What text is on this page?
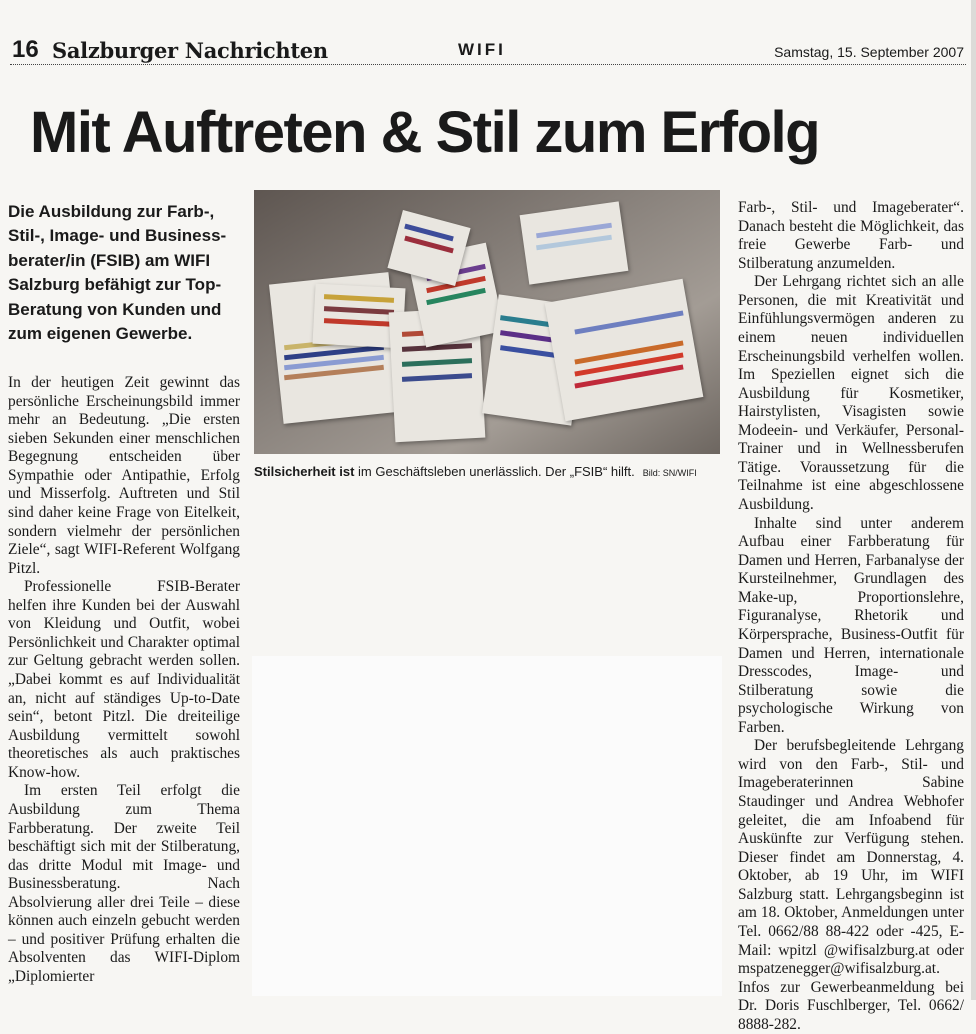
16 Salzburger Nachrichten	WIFI	Samstag, 15. September 2007
Mit Auftreten & Stil zum Erfolg
Die Ausbildung zur Farb-, Stil-, Image- und Businessberater/in (FSIB) am WIFI Salzburg befähigt zur Top-Beratung von Kunden und zum eigenen Gewerbe.

In der heutigen Zeit gewinnt das persönliche Erscheinungsbild immer mehr an Bedeutung. „Die ersten sieben Sekunden einer menschlichen Begegnung entscheiden über Sympathie oder Antipathie, Erfolg und Misserfolg. Auftreten und Stil sind daher keine Frage von Eitelkeit, sondern vielmehr der persönlichen Ziele“, sagt WIFI-Referent Wolfgang Pitzl.

Professionelle FSIB-Berater helfen ihre Kunden bei der Auswahl von Kleidung und Outfit, wobei Persönlichkeit und Charakter optimal zur Geltung gebracht werden sollen. „Dabei kommt es auf Individualität an, nicht auf ständiges Up-to-Date sein“, betont Pitzl. Die dreiteilige Ausbildung vermittelt sowohl theoretisches als auch praktisches Know-how.

Im ersten Teil erfolgt die Ausbildung zum Thema Farbberatung. Der zweite Teil beschäftigt sich mit der Stilberatung, das dritte Modul mit Image- und Businessberatung. Nach Absolvierung aller drei Teile – diese können auch einzeln gebucht werden – und positiver Prüfung erhalten die Absolventen das WIFI-Diplom „Diplomierter

Stilsicherheit ist im Geschäftsleben unerlässlich. Der „FSIB“ hilft. Bild: SN/WIFI

Farb-, Stil- und Imageberater“. Danach besteht die Möglichkeit, das freie Gewerbe Farb- und Stilberatung anzumelden.

Der Lehrgang richtet sich an alle Personen, die mit Kreativität und Einfühlungsvermögen anderen zu einem neuen individuellen Erscheinungsbild verhelfen wollen. Im Speziellen eignet sich die Ausbildung für Kosmetiker, Hairstylisten, Visagisten sowie Modeein- und Verkäufer, Personal-Trainer und in Wellnessberufen Tätige. Voraussetzung für die Teilnahme ist eine abgeschlossene Ausbildung.

Inhalte sind unter anderem Aufbau einer Farbberatung für Damen und Herren, Farbanalyse der Kursteilnehmer, Grundlagen des Make-up, Proportionslehre, Figuranalyse, Rhetorik und Körpersprache, Business-Outfit für Damen und Herren, internationale Dresscodes, Image- und Stilberatung sowie die psychologische Wirkung von Farben.

Der berufsbegleitende Lehrgang wird von den Farb-, Stil- und Imageberaterinnen Sabine Staudinger und Andrea Webhofer geleitet, die am Infoabend für Auskünfte zur Verfügung stehen. Dieser findet am Donnerstag, 4. Oktober, ab 19 Uhr, im WIFI Salzburg statt. Lehrgangsbeginn ist am 18. Oktober, Anmeldungen unter Tel. 0662/88 88-422 oder -425, E- Mail: wpitzl @wifisalzburg.at oder mspatzenegger@wifisalzburg.at. Infos zur Gewerbeanmeldung bei Dr. Doris Fuschlberger, Tel. 0662/ 8888-282.
